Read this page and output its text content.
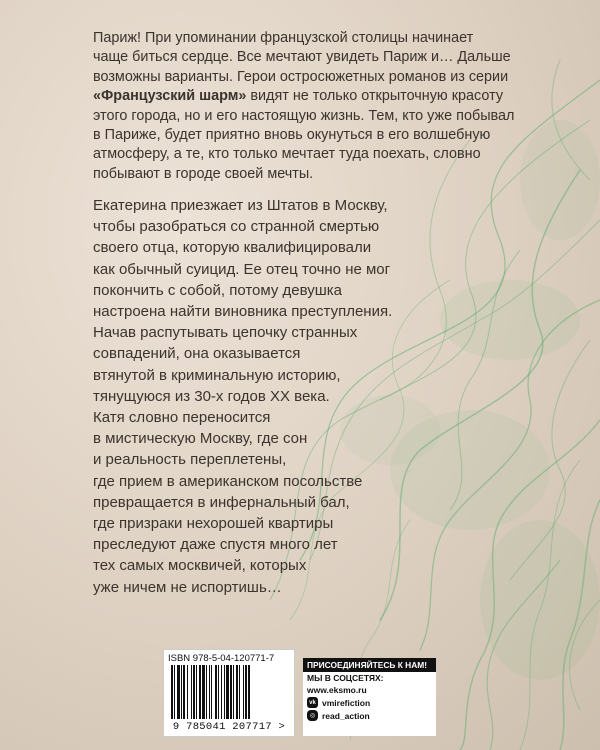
Париж! При упоминании французской столицы начинает
чаще биться сердце. Все мечтают увидеть Париж и… Дальше
возможны варианты. Герои остросюжетных романов из серии
«Французский шарм» видят не только открыточную красоту
этого города, но и его настоящую жизнь. Тем, кто уже побывал
в Париже, будет приятно вновь окунуться в его волшебную
атмосферу, а те, кто только мечтает туда поехать, словно
побывают в городе своей мечты.
Екатерина приезжает из Штатов в Москву,
чтобы разобраться со странной смертью
своего отца, которую квалифицировали
как обычный суицид. Ее отец точно не мог
покончить с собой, потому девушка
настроена найти виновника преступления.
Начав распутывать цепочку странных
совпадений, она оказывается
втянутой в криминальную историю,
тянущуюся из 30-х годов XX века.
Катя словно переносится
в мистическую Москву, где сон
и реальность переплетены,
где прием в американском посольстве
превращается в инфернальный бал,
где призраки нехорошей квартиры
преследуют даже спустя много лет
тех самых москвичей, которых
уже ничем не испортишь…
ISBN 978-5-04-120771-7
9 785041 207717 >
ПРИСОЕДИНЯЙТЕСЬ К НАМ!
МЫ В СОЦСЕТЯХ:
www.eksmo.ru
vk vmirefiction
◎ read_action
